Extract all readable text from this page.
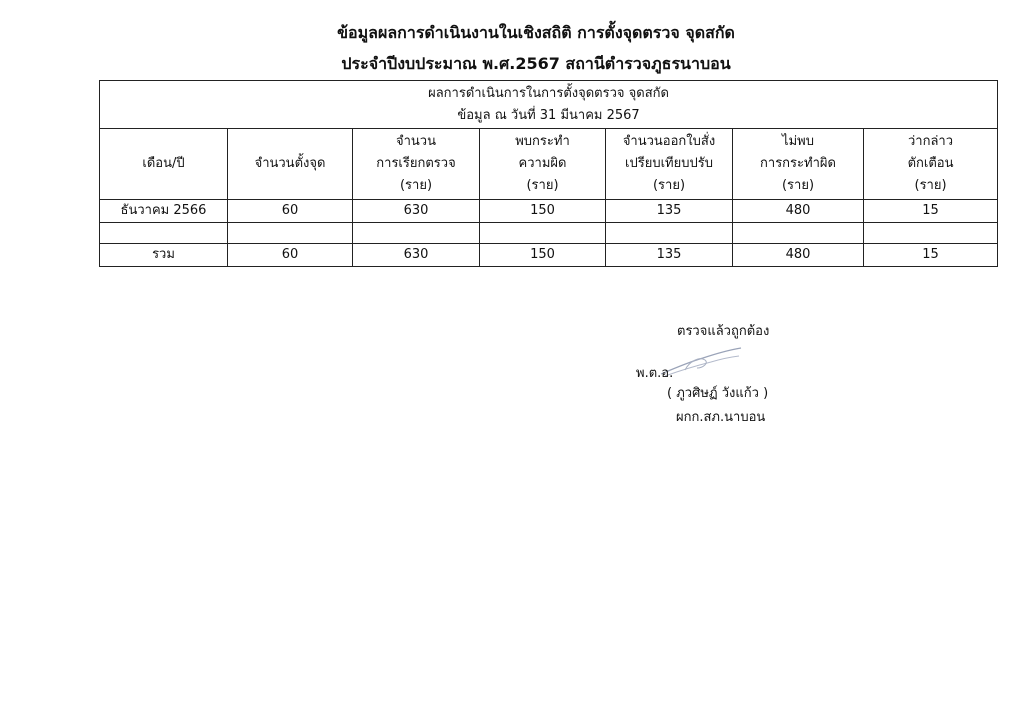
ข้อมูลผลการดำเนินงานในเชิงสถิติ การตั้งจุดตรวจ จุดสกัด
ประจำปีงบประมาณ พ.ศ.2567 สถานีตำรวจภูธรนาบอน
ผลการดำเนินการในการตั้งจุดตรวจ จุดสกัด
ข้อมูล ณ วันที่ 31 มีนาคม 2567						

เดือน/ปี	จำนวนตั้งจุด	จำนวน
การเรียกตรวจ
(ราย)	พบกระทำ
ความผิด
(ราย)	จำนวนออกใบสั่ง
เปรียบเทียบปรับ
(ราย)	ไม่พบ
การกระทำผิด
(ราย)	ว่ากล่าว
ตักเตือน
(ราย)

ธันวาคม 2566	60	630	150	135	480	15

รวม	60	630	150	135	480	15
ตรวจแล้วถูกต้อง
พ.ต.อ.
( ภูวศิษฏ์ วังแก้ว )
ผกก.สภ.นาบอน
